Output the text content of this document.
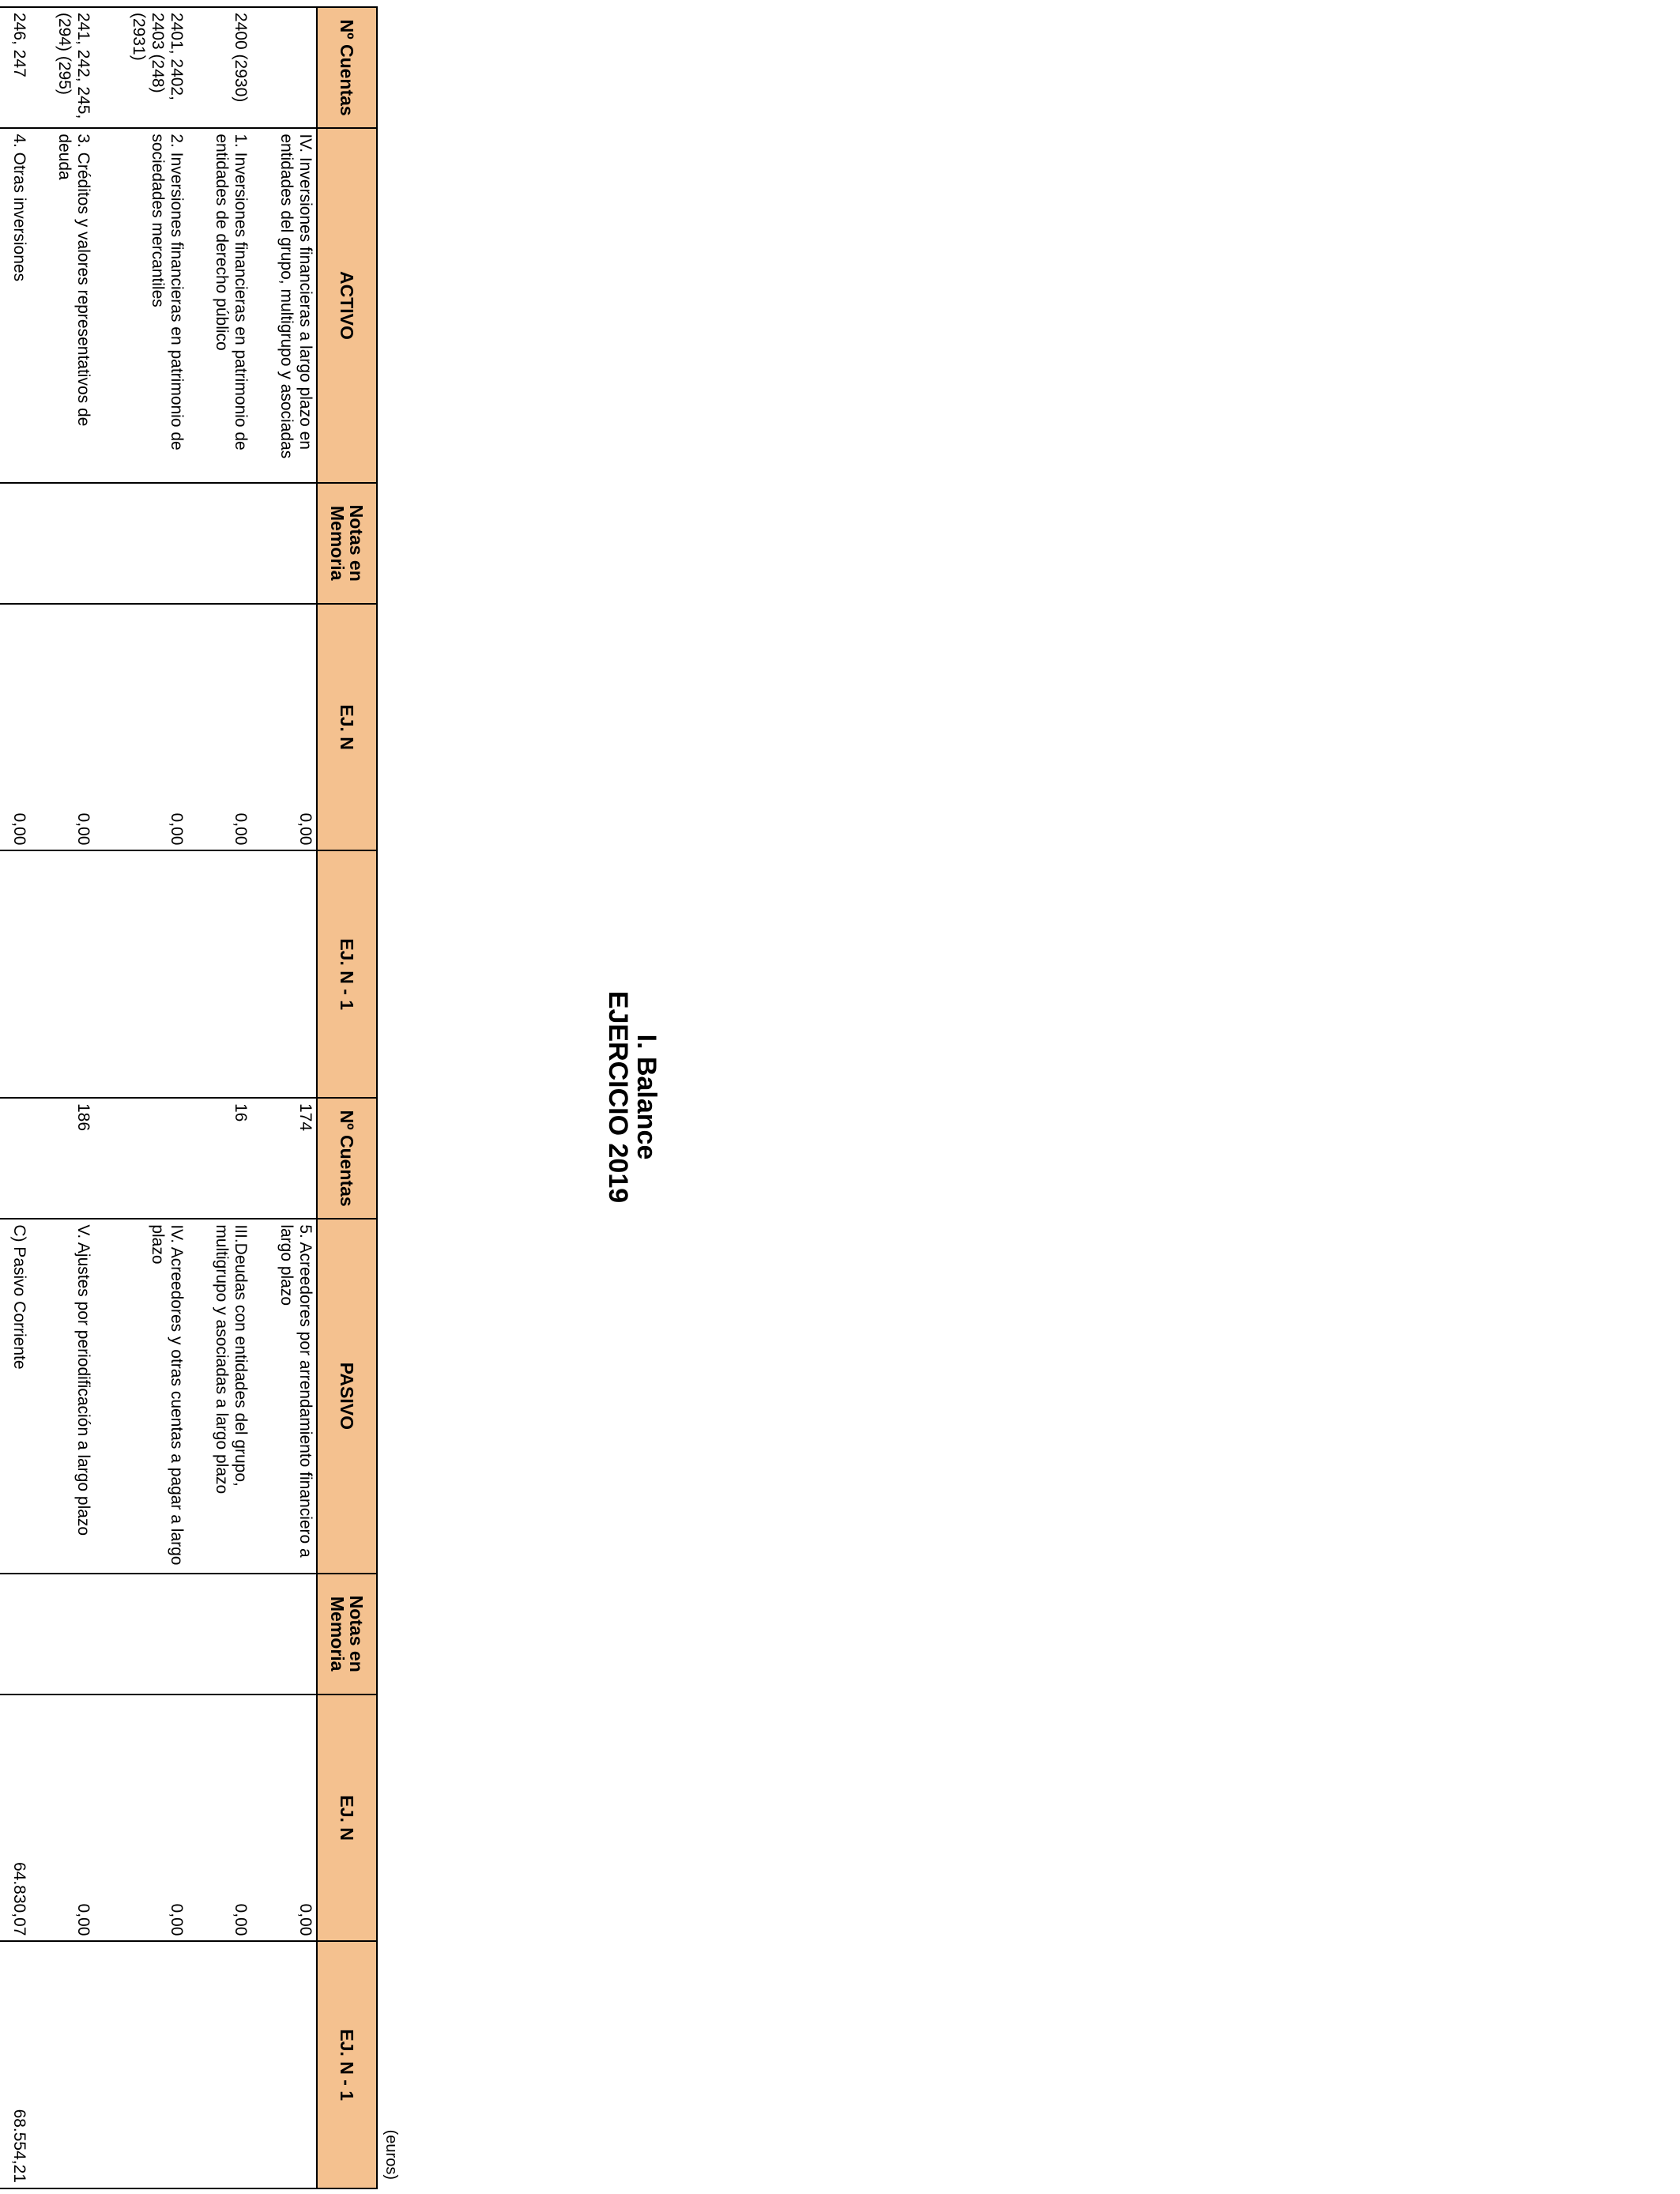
I. Balance
EJERCICIO 2019
(euros)
Nº Cuentas	ACTIVO	Notas en Memoria	EJ. N	EJ. N - 1	Nº Cuentas	PASIVO	Notas en Memoria	EJ. N	EJ. N - 1
	IV. Inversiones financieras a largo plazo en entidades del grupo, multigrupo y asociadas		0,00		174	5. Acreedores por arrendamiento financiero a largo plazo		0,00	
2400 (2930)	1. Inversiones financieras en patrimonio de entidades de derecho público		0,00		16	III.Deudas con entidades del grupo, multigrupo y asociadas a largo plazo		0,00	
2401, 2402, 2403 (248) (2931)	2. Inversiones financieras en patrimonio de sociedades mercantiles		0,00			IV. Acreedores y otras cuentas a pagar a largo plazo		0,00	
241, 242, 245, (294) (295)	3. Créditos y valores representativos de deuda		0,00		186	V. Ajustes por periodificación a largo plazo		0,00	
246, 247	4. Otras inversiones		0,00			C) Pasivo Corriente		64.830,07	68.554,21
